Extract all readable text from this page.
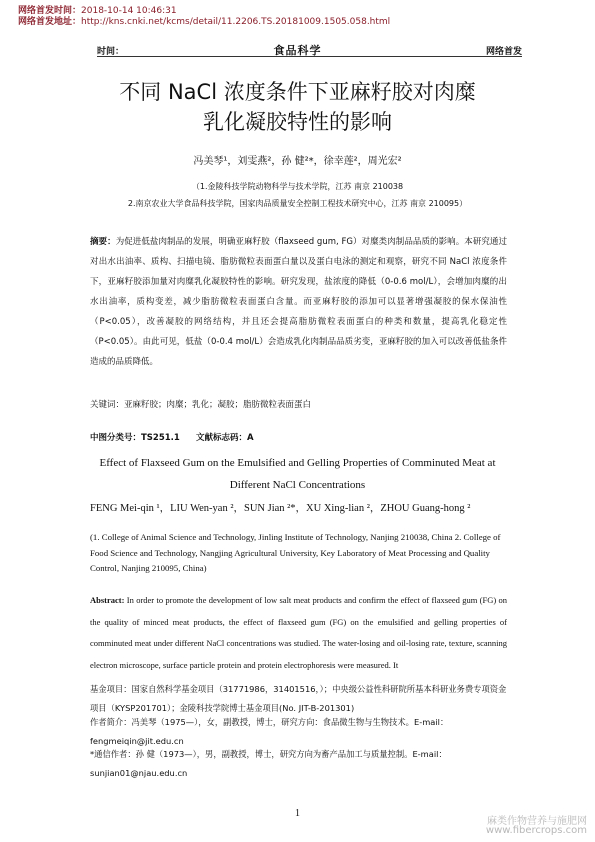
网络首发时间：2018-10-14 10:46:31
网络首发地址：http://kns.cnki.net/kcms/detail/11.2206.TS.20181009.1505.058.html
时间：	食品科学	网络首发

不同 NaCl 浓度条件下亚麻籽胶对肉糜
乳化凝胶特性的影响
冯美琴¹，刘雯燕²，孙 健²*，徐幸莲²，周光宏²
（1.金陵科技学院动物科学与技术学院，江苏 南京 210038
2.南京农业大学食品科技学院，国家肉品质量安全控制工程技术研究中心，江苏 南京 210095）
摘要：为促进低盐肉制品的发展，明确亚麻籽胶（flaxseed gum, FG）对糜类肉制品品质的影响。本研究通过对出水出油率、质构、扫描电镜、脂肪微粒表面蛋白量以及蛋白电泳的测定和观察，研究不同 NaCl 浓度条件下，亚麻籽胶添加量对肉糜乳化凝胶特性的影响。研究发现，盐浓度的降低（0-0.6 mol/L），会增加肉糜的出水出油率，质构变差，减少脂肪微粒表面蛋白含量。而亚麻籽胶的添加可以显著增强凝胶的保水保油性（P<0.05），改善凝胶的网络结构，并且还会提高脂肪微粒表面蛋白的种类和数量，提高乳化稳定性（P<0.05）。由此可见，低盐（0-0.4 mol/L）会造成乳化肉制品品质劣变，亚麻籽胶的加入可以改善低盐条件造成的品质降低。
关键词：亚麻籽胶；肉糜；乳化；凝胶；脂肪微粒表面蛋白
中图分类号：TS251.1 文献标志码：A
Effect of Flaxseed Gum on the Emulsified and Gelling Properties of Comminuted Meat at
Different NaCl Concentrations
FENG Mei-qin ¹，LIU Wen-yan ²，SUN Jian ²*，XU Xing-lian ²，ZHOU Guang-hong ²
(1. College of Animal Science and Technology, Jinling Institute of Technology, Nanjing 210038, China 2. College of Food Science and Technology, Nangjing Agricultural University, Key Laboratory of Meat Processing and Quality Control, Nanjing 210095, China)
Abstract: In order to promote the development of low salt meat products and confirm the effect of flaxseed gum (FG) on the quality of minced meat products, the effect of flaxseed gum (FG) on the emulsified and gelling properties of comminuted meat under different NaCl concentrations was studied. The water-losing and oil-losing rate, texture, scanning electron microscope, surface particle protein and protein electrophoresis were measured. It
基金项目：国家自然科学基金项目（31771986，31401516，）；中央级公益性科研院所基本科研业务费专项资金项目（KYSP201701）；金陵科技学院博士基金项目(No. JIT-B-201301)
作者简介：冯美琴（1975—），女，副教授，博士，研究方向：食品微生物与生物技术。E-mail： fengmeiqin@jit.edu.cn
*通信作者：孙 健（1973—），男，副教授，博士，研究方向为畜产品加工与质量控制。E-mail：sunjian01@njau.edu.cn
1
麻类作物营养与施肥网
www.fibercrops.com
